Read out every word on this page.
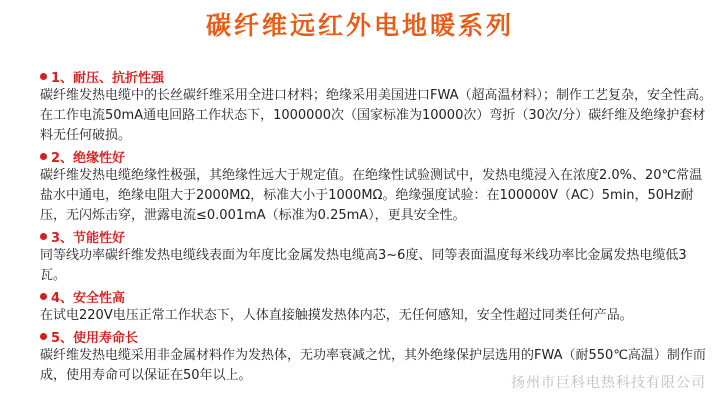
碳纤维远红外电地暖系列
1、耐压、抗折性强

碳纤维发热电缆中的长丝碳纤维采用全进口材料；绝缘采用美国进口FWA（超高温材料）；制作工艺复杂，安全性高。在工作电流50mA通电回路工作状态下，1000000次（国家标准为10000次）弯折（30次/分）碳纤维及绝缘护套材料无任何破损。

2、绝缘性好

碳纤维发热电缆绝缘性极强，其绝缘性远大于规定值。在绝缘性试验测试中，发热电缆浸入在浓度2.0%、20℃常温盐水中通电，绝缘电阻大于2000MΩ，标准大小于1000MΩ。绝缘强度试验：在100000V（AC）5min，50Hz耐压，无闪烁击穿，泄露电流≤0.001mA（标准为0.25mA），更具安全性。

3、节能性好

同等线功率碳纤维发热电缆线表面为年度比金属发热电缆高3~6度、同等表面温度每米线功率比金属发热电缆低3瓦。

4、安全性高

在试电220V电压正常工作状态下，人体直接触摸发热体内芯，无任何感知，安全性超过同类任何产品。

5、使用寿命长

碳纤维发热电缆采用非金属材料作为发热体，无功率衰减之忧，其外绝缘保护层选用的FWA（耐550℃高温）制作而成，使用寿命可以保证在50年以上。	扬州市巨科电热科技有限公司
